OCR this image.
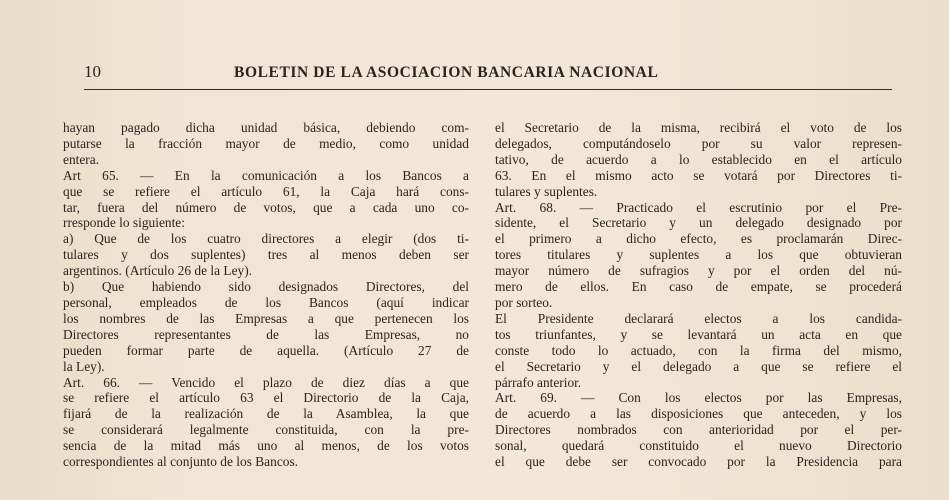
10	BOLETIN DE LA ASOCIACION BANCARIA NACIONAL
hayan pagado dicha unidad básica, debiendo com-
putarse la fracción mayor de medio, como unidad
entera.
Art 65. — En la comunicación a los Bancos a
que se refiere el artículo 61, la Caja hará cons-
tar, fuera del número de votos, que a cada uno co-
rresponde lo siguiente:
a) Que de los cuatro directores a elegir (dos ti-
tulares y dos suplentes) tres al menos deben ser
argentinos. (Artículo 26 de la Ley).
b) Que habiendo sido designados Directores, del
personal, empleados de los Bancos (aquí indicar
los nombres de las Empresas a que pertenecen los
Directores representantes de las Empresas, no
pueden formar parte de aquella. (Artículo 27 de
la Ley).
Art. 66. — Vencido el plazo de diez días a que
se refiere el artículo 63 el Directorio de la Caja,
fijará de la realización de la Asamblea, la que
se considerará legalmente constituida, con la pre-
sencia de la mitad más uno al menos, de los votos
correspondientes al conjunto de los Bancos.
el Secretario de la misma, recibirá el voto de los
delegados, computándoselo por su valor represen-
tativo, de acuerdo a lo establecido en el artículo
63. En el mismo acto se votará por Directores ti-
tulares y suplentes.
Art. 68. — Practicado el escrutinio por el Pre-
sidente, el Secretario y un delegado designado por
el primero a dicho efecto, es proclamarán Direc-
tores titulares y suplentes a los que obtuvieran
mayor número de sufragios y por el orden del nú-
mero de ellos. En caso de empate, se procederá
por sorteo.
El Presidente declarará electos a los candida-
tos triunfantes, y se levantará un acta en que
conste todo lo actuado, con la firma del mismo,
el Secretario y el delegado a que se refiere el
párrafo anterior.
Art. 69. — Con los electos por las Empresas,
de acuerdo a las disposiciones que anteceden, y los
Directores nombrados con anterioridad por el per-
sonal, quedará constituido el nuevo Directorio
el que debe ser convocado por la Presidencia para
